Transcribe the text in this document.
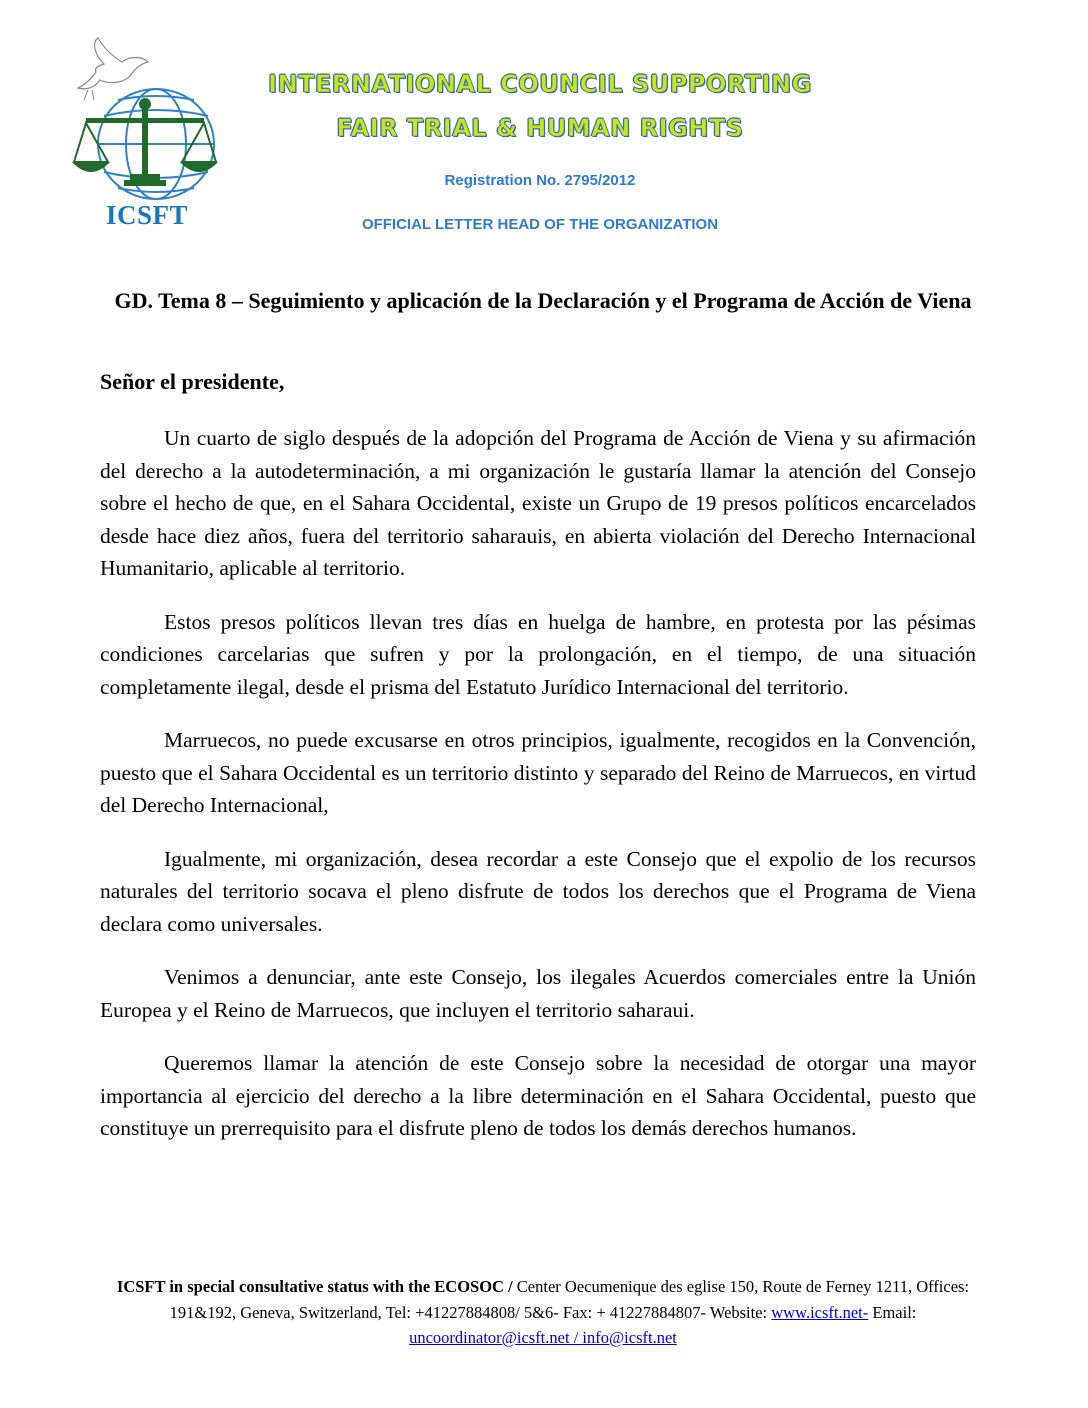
ICSFT
INTERNATIONAL COUNCIL SUPPORTING
FAIR TRIAL & HUMAN RIGHTS
Registration No. 2795/2012
OFFICIAL LETTER HEAD OF THE ORGANIZATION
GD. Tema 8 – Seguimiento y aplicación de la Declaración y el Programa de Acción de Viena
Señor el presidente,

Un cuarto de siglo después de la adopción del Programa de Acción de Viena y su afirmación del derecho a la autodeterminación, a mi organización le gustaría llamar la atención del Consejo sobre el hecho de que, en el Sahara Occidental, existe un Grupo de 19 presos políticos encarcelados desde hace diez años, fuera del territorio saharauis, en abierta violación del Derecho Internacional Humanitario, aplicable al territorio.

Estos presos políticos llevan tres días en huelga de hambre, en protesta por las pésimas condiciones carcelarias que sufren y por la prolongación, en el tiempo, de una situación completamente ilegal, desde el prisma del Estatuto Jurídico Internacional del territorio.

Marruecos, no puede excusarse en otros principios, igualmente, recogidos en la Convención, puesto que el Sahara Occidental es un territorio distinto y separado del Reino de Marruecos, en virtud del Derecho Internacional,

Igualmente, mi organización, desea recordar a este Consejo que el expolio de los recursos naturales del territorio socava el pleno disfrute de todos los derechos que el Programa de Viena declara como universales.

Venimos a denunciar, ante este Consejo, los ilegales Acuerdos comerciales entre la Unión Europea y el Reino de Marruecos, que incluyen el territorio saharaui.

Queremos llamar la atención de este Consejo sobre la necesidad de otorgar una mayor importancia al ejercicio del derecho a la libre determinación en el Sahara Occidental, puesto que constituye un prerrequisito para el disfrute pleno de todos los demás derechos humanos.

ICSFT in special consultative status with the ECOSOC / Center Oecumenique des eglise 150, Route de Ferney 1211, Offices: 191&192, Geneva, Switzerland, Tel: +41227884808/ 5&6- Fax: + 41227884807- Website: www.icsft.net- Email: uncoordinator@icsft.net / info@icsft.net
